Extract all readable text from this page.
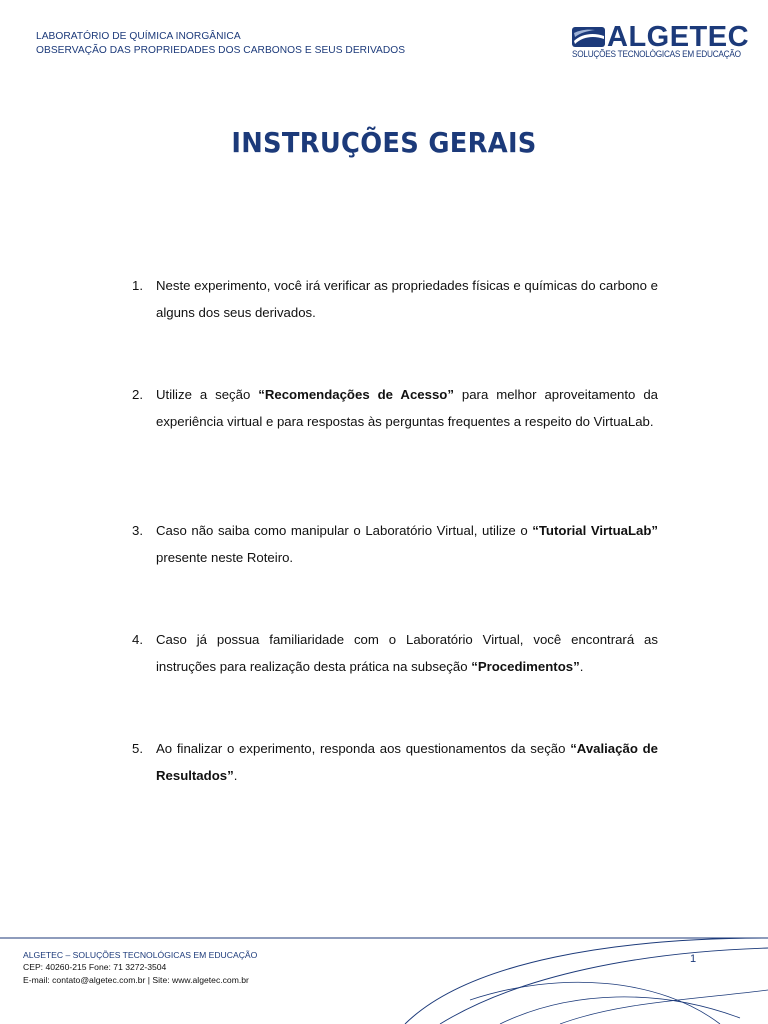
LABORATÓRIO DE QUÍMICA INORGÂNICA
OBSERVAÇÃO DAS PROPRIEDADES DOS CARBONOS E SEUS DERIVADOS	ALGETEC
SOLUÇÕES TECNOLÓGICAS EM EDUCAÇÃO
INSTRUÇÕES GERAIS
1. Neste experimento, você irá verificar as propriedades físicas e químicas do carbono e alguns dos seus derivados.
2. Utilize a seção “Recomendações de Acesso” para melhor aproveitamento da experiência virtual e para respostas às perguntas frequentes a respeito do VirtuaLab.
3. Caso não saiba como manipular o Laboratório Virtual, utilize o “Tutorial VirtuaLab” presente neste Roteiro.
4. Caso já possua familiaridade com o Laboratório Virtual, você encontrará as instruções para realização desta prática na subseção “Procedimentos”.
5. Ao finalizar o experimento, responda aos questionamentos da seção “Avaliação de Resultados”.
ALGETEC – SOLUÇÕES TECNOLÓGICAS EM EDUCAÇÃO
CEP: 40260-215 Fone: 71 3272-3504
E-mail: contato@algetec.com.br | Site: www.algetec.com.br
1
